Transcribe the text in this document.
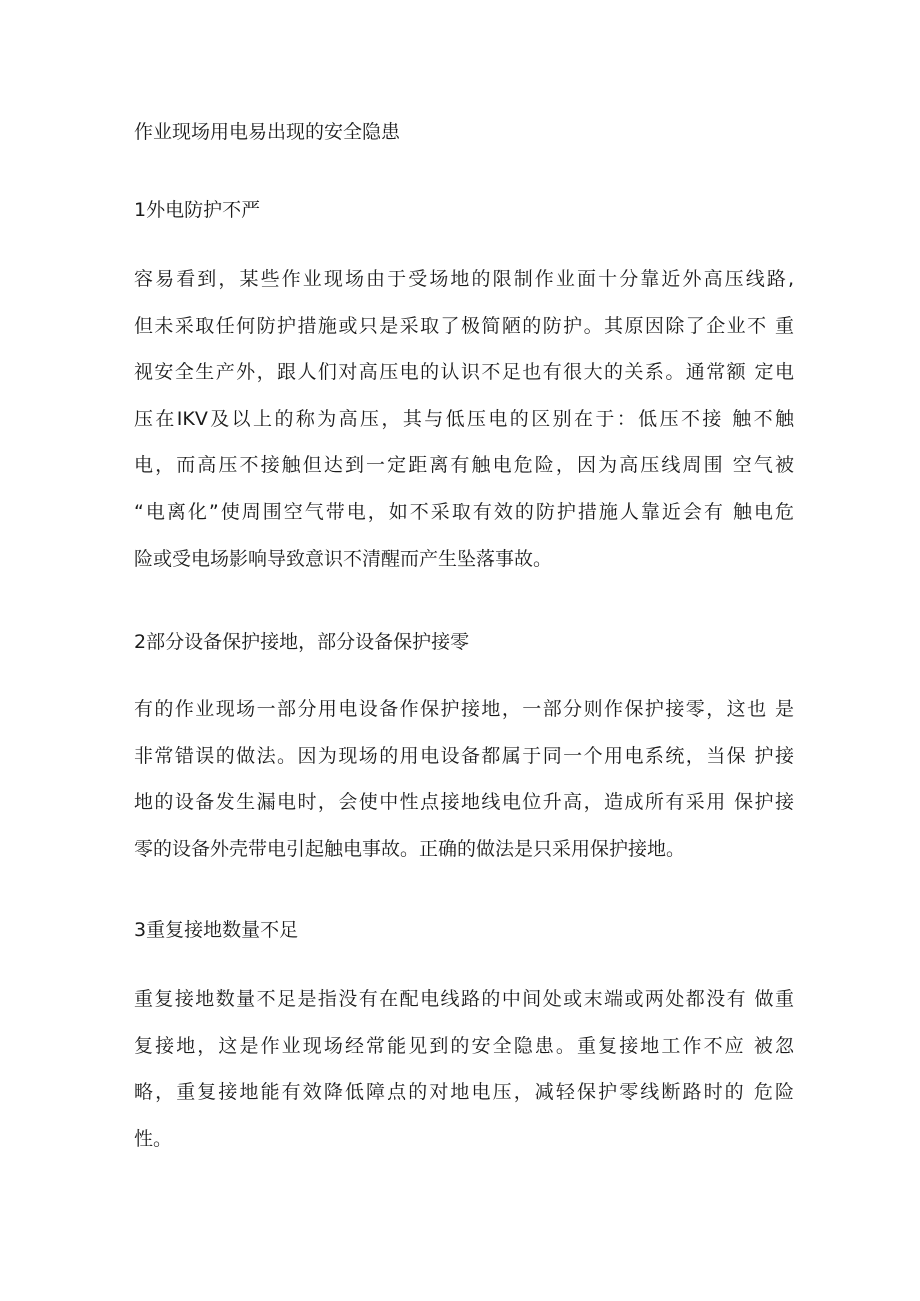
作业现场用电易出现的安全隐患

1外电防护不严

容易看到，某些作业现场由于受场地的限制作业面十分靠近外高压线路,
但未采取任何防护措施或只是采取了极简陋的防护。其原因除了企业不 重
视安全生产外，跟人们对高压电的认识不足也有很大的关系。通常额 定电
压在IKV及以上的称为高压，其与低压电的区别在于：低压不接 触不触
电，而高压不接触但达到一定距离有触电危险，因为高压线周围 空气被
“电离化”使周围空气带电，如不采取有效的防护措施人靠近会有 触电危
险或受电场影响导致意识不清醒而产生坠落事故。

2部分设备保护接地，部分设备保护接零

有的作业现场一部分用电设备作保护接地，一部分则作保护接零，这也 是
非常错误的做法。因为现场的用电设备都属于同一个用电系统，当保 护接
地的设备发生漏电时，会使中性点接地线电位升高，造成所有采用 保护接
零的设备外壳带电引起触电事故。正确的做法是只采用保护接地。

3重复接地数量不足

重复接地数量不足是指没有在配电线路的中间处或末端或两处都没有 做重
复接地，这是作业现场经常能见到的安全隐患。重复接地工作不应 被忽
略，重复接地能有效降低障点的对地电压，减轻保护零线断路时的 危险
性。
